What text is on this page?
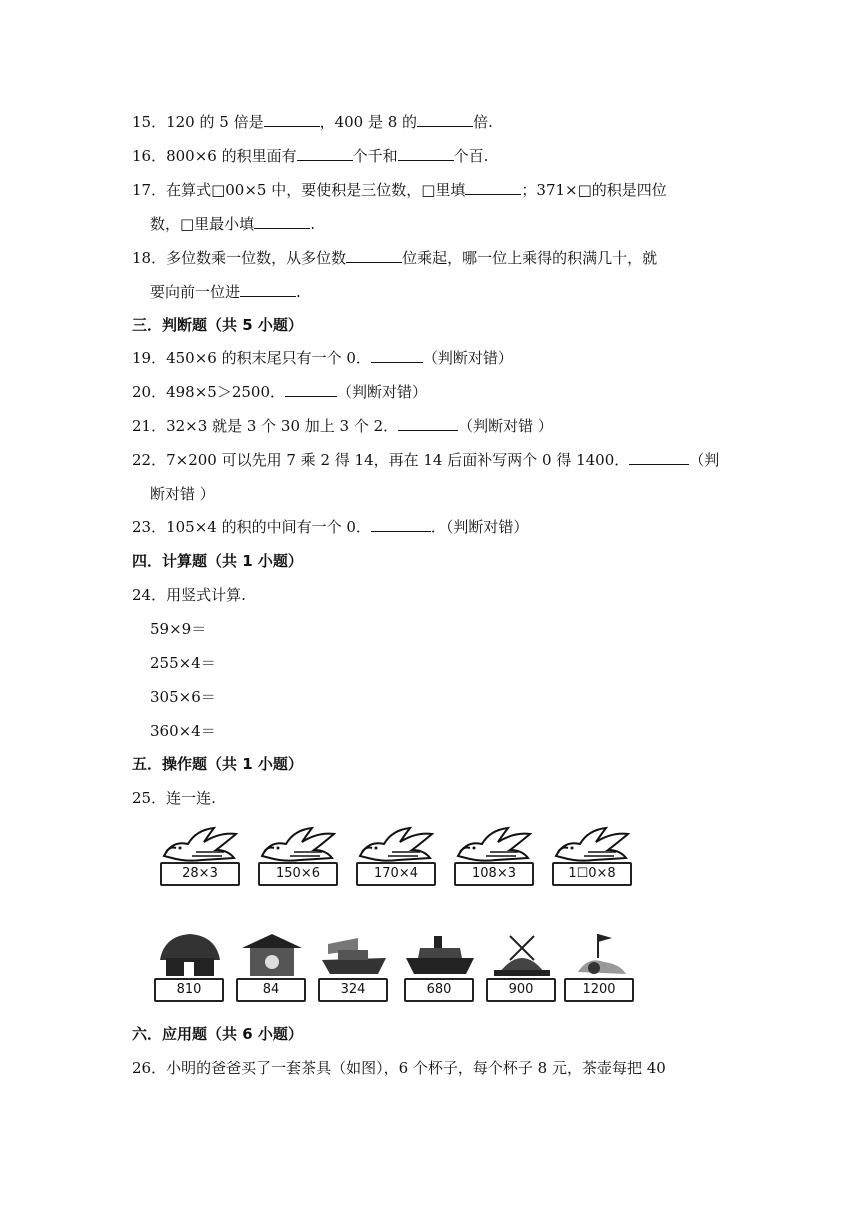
15．120 的 5 倍是	，400 是 8 的	倍.
16．800×6 的积里面有	个千和	个百.
17．在算式□00×5 中，要使积是三位数，□里填	；371×□的积是四位
数，□里最小填	.
18．多位数乘一位数，从多位数	位乘起，哪一位上乘得的积满几十，就
要向前一位进	.
三．判断题（共 5 小题）
19．450×6 的积末尾只有一个 0．	（判断对错）
20．498×5＞2500．	（判断对错）
21．32×3 就是 3 个 30 加上 3 个 2．	（判断对错 ）
22．7×200 可以先用 7 乘 2 得 14，再在 14 后面补写两个 0 得 1400．	（判
断对错 ）
23．105×4 的积的中间有一个 0．	．（判断对错）
四．计算题（共 1 小题）
24．用竖式计算.
59×9＝
255×4＝
305×6＝
360×4＝
五．操作题（共 1 小题）
25．连一连.
28×3	150×6	170×4	108×3	1☐0×8
810	84	324	680	900	1200
六．应用题（共 6 小题）
26．小明的爸爸买了一套茶具（如图），6 个杯子，每个杯子 8 元，茶壶每把 40
